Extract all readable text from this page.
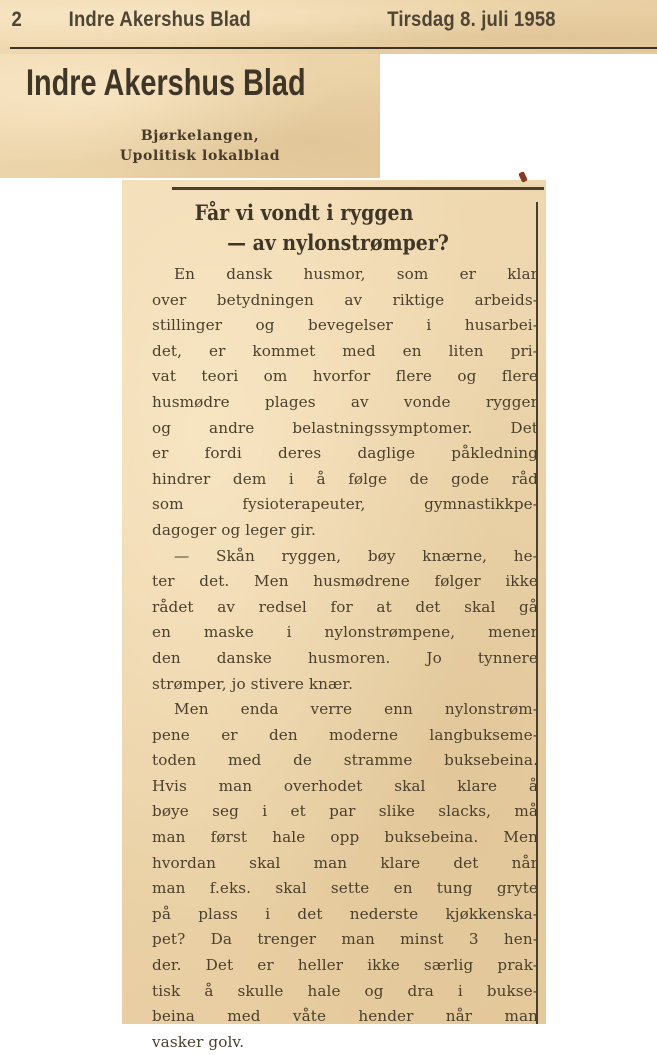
2 Indre Akershus Blad	Tirsdag 8. juli 1958
Indre Akershus Blad
Bjørkelangen,
Upolitisk lokalblad
Får vi vondt i ryggen
— av nylonstrømper?
En dansk husmor, som er klar
over betydningen av riktige arbeids-
stillinger og bevegelser i husarbei-
det, er kommet med en liten pri-
vat teori om hvorfor flere og flere
husmødre plages av vonde rygger
og andre belastningssymptomer. Det
er fordi deres daglige påkledning
hindrer dem i å følge de gode råd
som fysioterapeuter, gymnastikkpe-
dagoger og leger gir.
— Skån ryggen, bøy knærne, he-
ter det. Men husmødrene følger ikke
rådet av redsel for at det skal gå
en maske i nylonstrømpene, mener
den danske husmoren. Jo tynnere
strømper, jo stivere knær.
Men enda verre enn nylonstrøm-
pene er den moderne langbukseme-
toden med de stramme buksebeina.
Hvis man overhodet skal klare å
bøye seg i et par slike slacks, må
man først hale opp buksebeina. Men
hvordan skal man klare det når
man f.eks. skal sette en tung gryte
på plass i det nederste kjøkkenska-
pet? Da trenger man minst 3 hen-
der. Det er heller ikke særlig prak-
tisk å skulle hale og dra i bukse-
beina med våte hender når man
vasker golv.
